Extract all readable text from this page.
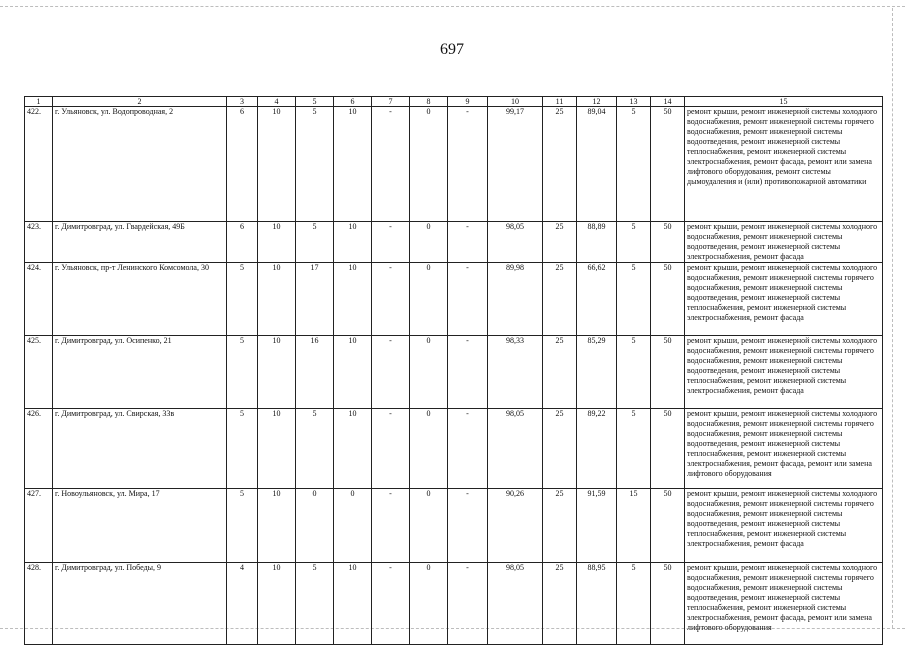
697
1	2	3	4	5	6	7	8	9	10	11	12	13	14	15
422.	г. Ульяновск, ул. Водопроводная, 2	6	10	5	10	-	0	-	99,17	25	89,04	5	50	ремонт крыши, ремонт инженерной системы холодного водоснабжения, ремонт инженерной системы горячего водоснабжения, ремонт инженерной системы водоотведения, ремонт инженерной системы теплоснабжения, ремонт инженерной системы электроснабжения, ремонт фасада, ремонт или замена лифтового оборудования, ремонт системы дымоудаления и (или) противопожарной автоматики
423.	г. Димитровград, ул. Гвардейская, 49Б	6	10	5	10	-	0	-	98,05	25	88,89	5	50	ремонт крыши, ремонт инженерной системы холодного водоснабжения, ремонт инженерной системы водоотведения, ремонт инженерной системы электроснабжения, ремонт фасада
424.	г. Ульяновск, пр-т Ленинского Комсомола, 30	5	10	17	10	-	0	-	89,98	25	66,62	5	50	ремонт крыши, ремонт инженерной системы холодного водоснабжения, ремонт инженерной системы горячего водоснабжения, ремонт инженерной системы водоотведения, ремонт инженерной системы теплоснабжения, ремонт инженерной системы электроснабжения, ремонт фасада
425.	г. Димитровград, ул. Осипенко, 21	5	10	16	10	-	0	-	98,33	25	85,29	5	50	ремонт крыши, ремонт инженерной системы холодного водоснабжения, ремонт инженерной системы горячего водоснабжения, ремонт инженерной системы водоотведения, ремонт инженерной системы теплоснабжения, ремонт инженерной системы электроснабжения, ремонт фасада
426.	г. Димитровград, ул. Свирская, 33в	5	10	5	10	-	0	-	98,05	25	89,22	5	50	ремонт крыши, ремонт инженерной системы холодного водоснабжения, ремонт инженерной системы горячего водоснабжения, ремонт инженерной системы водоотведения, ремонт инженерной системы теплоснабжения, ремонт инженерной системы электроснабжения, ремонт фасада, ремонт или замена лифтового оборудования
427.	г. Новоульяновск, ул. Мира, 17	5	10	0	0	-	0	-	90,26	25	91,59	15	50	ремонт крыши, ремонт инженерной системы холодного водоснабжения, ремонт инженерной системы горячего водоснабжения, ремонт инженерной системы водоотведения, ремонт инженерной системы теплоснабжения, ремонт инженерной системы электроснабжения, ремонт фасада
428.	г. Димитровград, ул. Победы, 9	4	10	5	10	-	0	-	98,05	25	88,95	5	50	ремонт крыши, ремонт инженерной системы холодного водоснабжения, ремонт инженерной системы горячего водоснабжения, ремонт инженерной системы водоотведения, ремонт инженерной системы теплоснабжения, ремонт инженерной системы электроснабжения, ремонт фасада, ремонт или замена лифтового оборудования
